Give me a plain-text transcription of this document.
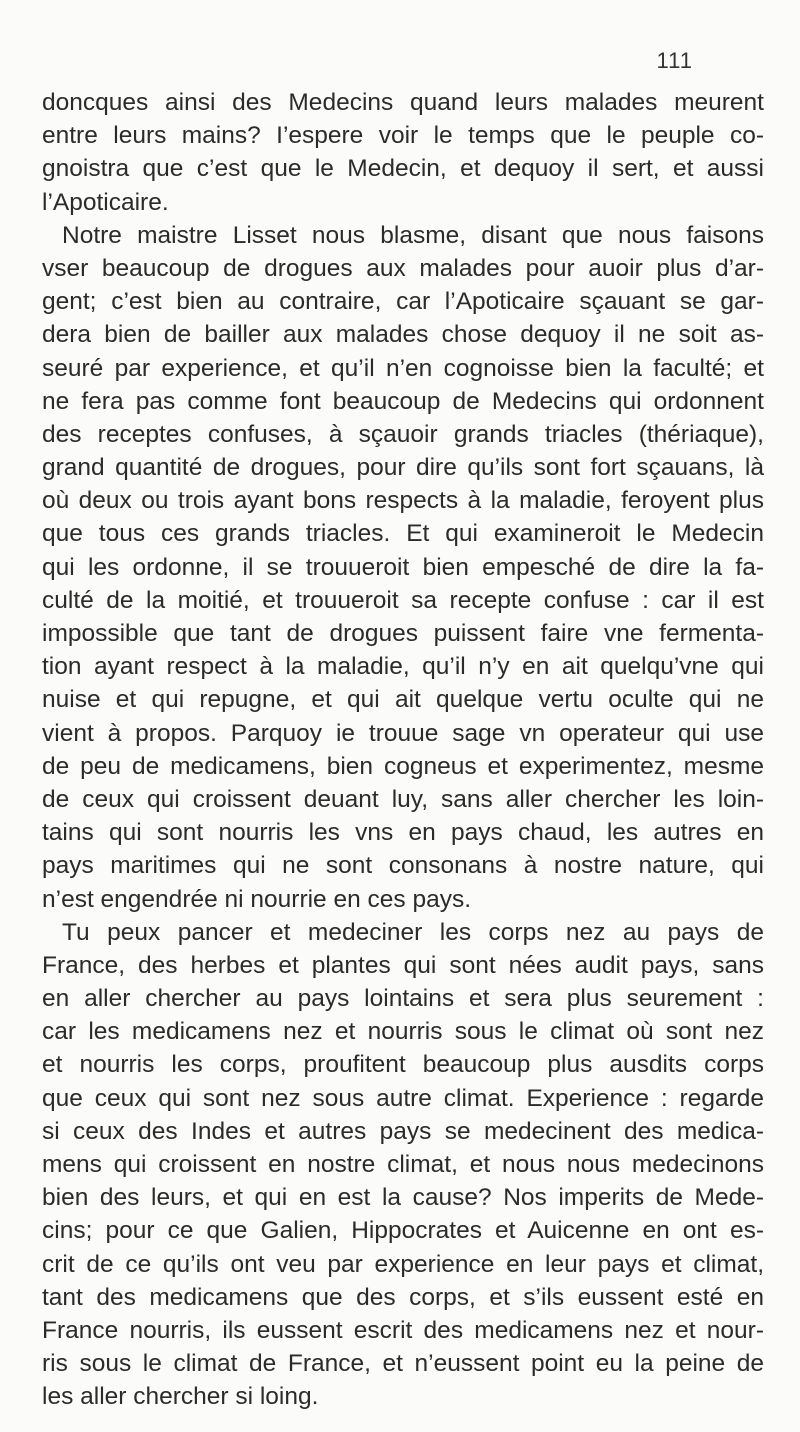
111
doncques ainsi des Medecins quand leurs malades meurent
entre leurs mains? I’espere voir le temps que le peuple co-
gnoistra que c’est que le Medecin, et dequoy il sert, et aussi
l’Apoticaire.
Notre maistre Lisset nous blasme, disant que nous faisons
vser beaucoup de drogues aux malades pour auoir plus d’ar-
gent; c’est bien au contraire, car l’Apoticaire sçauant se gar-
dera bien de bailler aux malades chose dequoy il ne soit as-
seuré par experience, et qu’il n’en cognoisse bien la faculté; et
ne fera pas comme font beaucoup de Medecins qui ordonnent
des receptes confuses, à sçauoir grands triacles (thériaque),
grand quantité de drogues, pour dire qu’ils sont fort sçauans, là
où deux ou trois ayant bons respects à la maladie, feroyent plus
que tous ces grands triacles. Et qui examineroit le Medecin
qui les ordonne, il se trouueroit bien empesché de dire la fa-
culté de la moitié, et trouueroit sa recepte confuse : car il est
impossible que tant de drogues puissent faire vne fermenta-
tion ayant respect à la maladie, qu’il n’y en ait quelqu’vne qui
nuise et qui repugne, et qui ait quelque vertu oculte qui ne
vient à propos. Parquoy ie trouue sage vn operateur qui use
de peu de medicamens, bien cogneus et experimentez, mesme
de ceux qui croissent deuant luy, sans aller chercher les loin-
tains qui sont nourris les vns en pays chaud, les autres en
pays maritimes qui ne sont consonans à nostre nature, qui
n’est engendrée ni nourrie en ces pays.
Tu peux pancer et medeciner les corps nez au pays de
France, des herbes et plantes qui sont nées audit pays, sans
en aller chercher au pays lointains et sera plus seurement :
car les medicamens nez et nourris sous le climat où sont nez
et nourris les corps, proufitent beaucoup plus ausdits corps
que ceux qui sont nez sous autre climat. Experience : regarde
si ceux des Indes et autres pays se medecinent des medica-
mens qui croissent en nostre climat, et nous nous medecinons
bien des leurs, et qui en est la cause? Nos imperits de Mede-
cins; pour ce que Galien, Hippocrates et Auicenne en ont es-
crit de ce qu’ils ont veu par experience en leur pays et climat,
tant des medicamens que des corps, et s’ils eussent esté en
France nourris, ils eussent escrit des medicamens nez et nour-
ris sous le climat de France, et n’eussent point eu la peine de
les aller chercher si loing.
